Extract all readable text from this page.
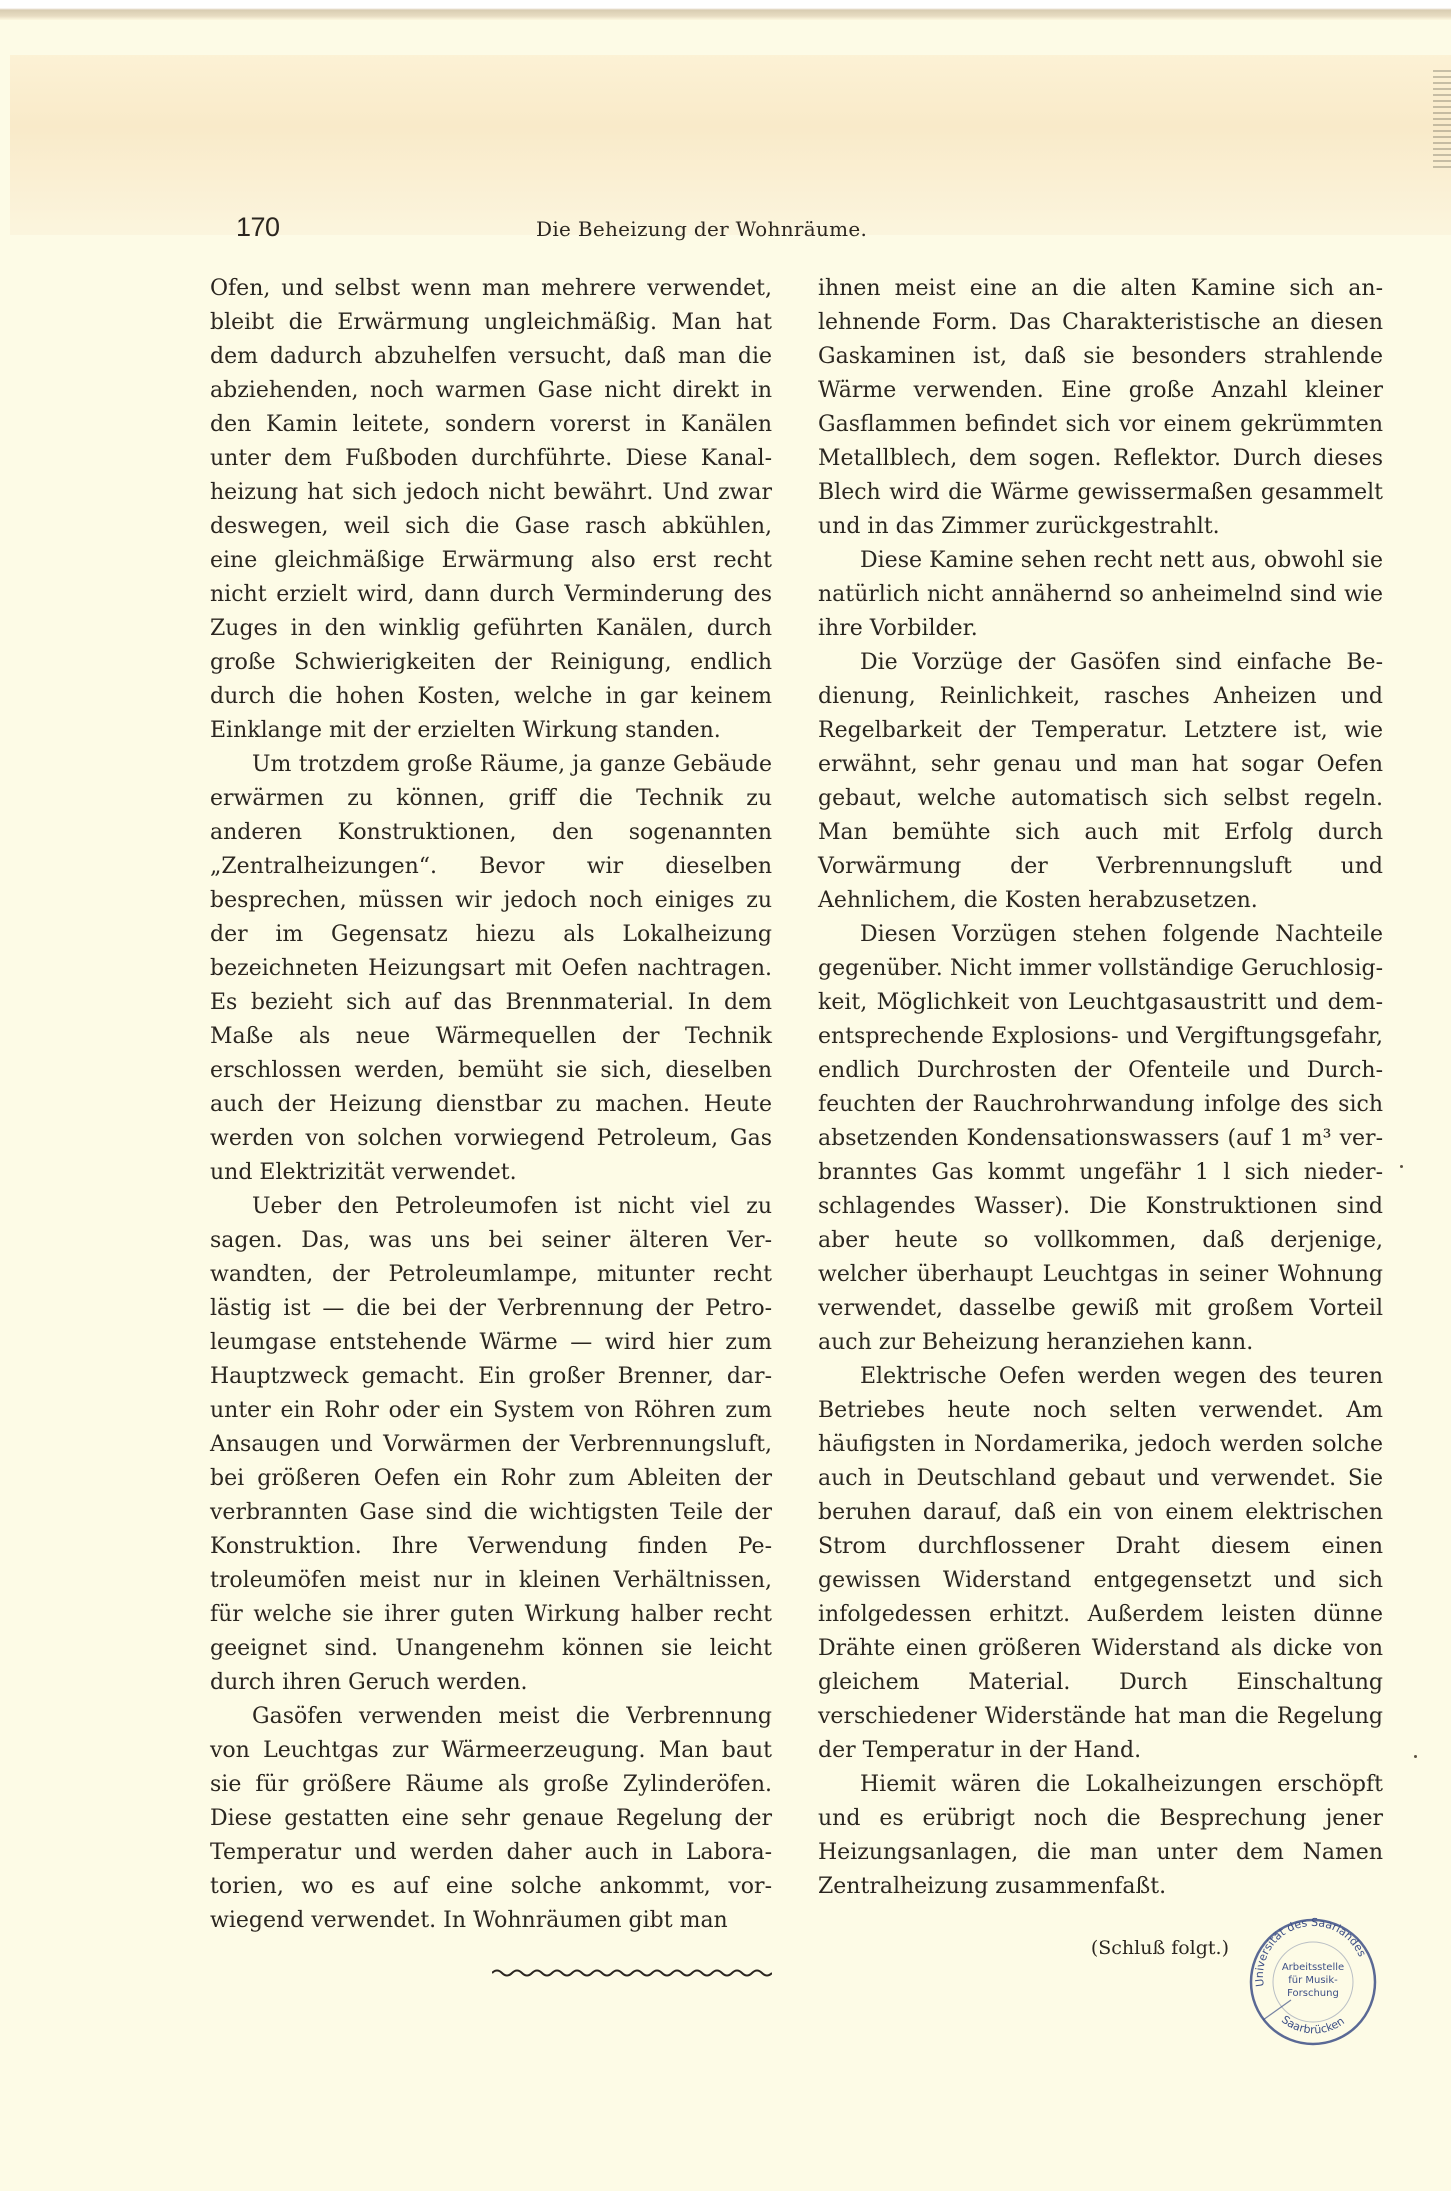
170	Die Beheizung der Wohnräume.

Ofen, und selbst wenn man mehrere verwendet, bleibt die Erwärmung ungleichmäßig. Man hat dem dadurch abzuhelfen versucht, daß man die abziehenden, noch warmen Gase nicht direkt in den Kamin leitete, sondern vorerst in Kanälen unter dem Fußboden durchführte. Diese Kanalheizung hat sich jedoch nicht bewährt. Und zwar deswegen, weil sich die Gase rasch abkühlen, eine gleichmäßige Erwärmung also erst recht nicht erzielt wird, dann durch Verminderung des Zuges in den winklig geführten Kanälen, durch große Schwierigkeiten der Reinigung, endlich durch die hohen Kosten, welche in gar keinem Einklange mit der erzielten Wirkung standen.

Um trotzdem große Räume, ja ganze Gebäude erwärmen zu können, griff die Technik zu anderen Konstruktionen, den sogenannten „Zentralheizungen“. Bevor wir dieselben besprechen, müssen wir jedoch noch einiges zu der im Gegensatz hiezu als Lokalheizung bezeichneten Heizungsart mit Oefen nachtragen. Es bezieht sich auf das Brennmaterial. In dem Maße als neue Wärmequellen der Technik erschlossen werden, bemüht sie sich, dieselben auch der Heizung dienstbar zu machen. Heute werden von solchen vorwiegend Petroleum, Gas und Elektrizität verwendet.

Ueber den Petroleumofen ist nicht viel zu sagen. Das, was uns bei seiner älteren Verwandten, der Petroleumlampe, mitunter recht lästig ist — die bei der Verbrennung der Petroleumgase entstehende Wärme — wird hier zum Hauptzweck gemacht. Ein großer Brenner, darunter ein Rohr oder ein System von Röhren zum Ansaugen und Vorwärmen der Verbrennungsluft, bei größeren Oefen ein Rohr zum Ableiten der verbrannten Gase sind die wichtigsten Teile der Konstruktion. Ihre Verwendung finden Petroleumöfen meist nur in kleinen Verhältnissen, für welche sie ihrer guten Wirkung halber recht geeignet sind. Unangenehm können sie leicht durch ihren Geruch werden.

Gasöfen verwenden meist die Verbrennung von Leuchtgas zur Wärmeerzeugung. Man baut sie für größere Räume als große Zylinderöfen. Diese gestatten eine sehr genaue Regelung der Temperatur und werden daher auch in Laboratorien, wo es auf eine solche ankommt, vorwiegend verwendet. In Wohnräumen gibt man

ihnen meist eine an die alten Kamine sich anlehnende Form. Das Charakteristische an diesen Gaskaminen ist, daß sie besonders strahlende Wärme verwenden. Eine große Anzahl kleiner Gasflammen befindet sich vor einem gekrümmten Metallblech, dem sogen. Reflektor. Durch dieses Blech wird die Wärme gewissermaßen gesammelt und in das Zimmer zurückgestrahlt.

Diese Kamine sehen recht nett aus, obwohl sie natürlich nicht annähernd so anheimelnd sind wie ihre Vorbilder.

Die Vorzüge der Gasöfen sind einfache Bedienung, Reinlichkeit, rasches Anheizen und Regelbarkeit der Temperatur. Letztere ist, wie erwähnt, sehr genau und man hat sogar Oefen gebaut, welche automatisch sich selbst regeln. Man bemühte sich auch mit Erfolg durch Vorwärmung der Verbrennungsluft und Aehnlichem, die Kosten herabzusetzen.

Diesen Vorzügen stehen folgende Nachteile gegenüber. Nicht immer vollständige Geruchlosigkeit, Möglichkeit von Leuchtgasaustritt und dementsprechende Explosions- und Vergiftungsgefahr, endlich Durchrosten der Ofenteile und Durchfeuchten der Rauchrohrwandung infolge des sich absetzenden Kondensationswassers (auf 1 m³ verbranntes Gas kommt ungefähr 1 l sich niederschlagendes Wasser). Die Konstruktionen sind aber heute so vollkommen, daß derjenige, welcher überhaupt Leuchtgas in seiner Wohnung verwendet, dasselbe gewiß mit großem Vorteil auch zur Beheizung heranziehen kann.

Elektrische Oefen werden wegen des teuren Betriebes heute noch selten verwendet. Am häufigsten in Nordamerika, jedoch werden solche auch in Deutschland gebaut und verwendet. Sie beruhen darauf, daß ein von einem elektrischen Strom durchflossener Draht diesem einen gewissen Widerstand entgegensetzt und sich infolgedessen erhitzt. Außerdem leisten dünne Drähte einen größeren Widerstand als dicke von gleichem Material. Durch Einschaltung verschiedener Widerstände hat man die Regelung der Temperatur in der Hand.

Hiemit wären die Lokalheizungen erschöpft und es erübrigt noch die Besprechung jener Heizungsanlagen, die man unter dem Namen Zentralheizung zusammenfaßt.

(Schluß folgt.)
Universität des Saarlandes
Arbeitsstelle
für Musik-
Forschung
Saarbrücken
